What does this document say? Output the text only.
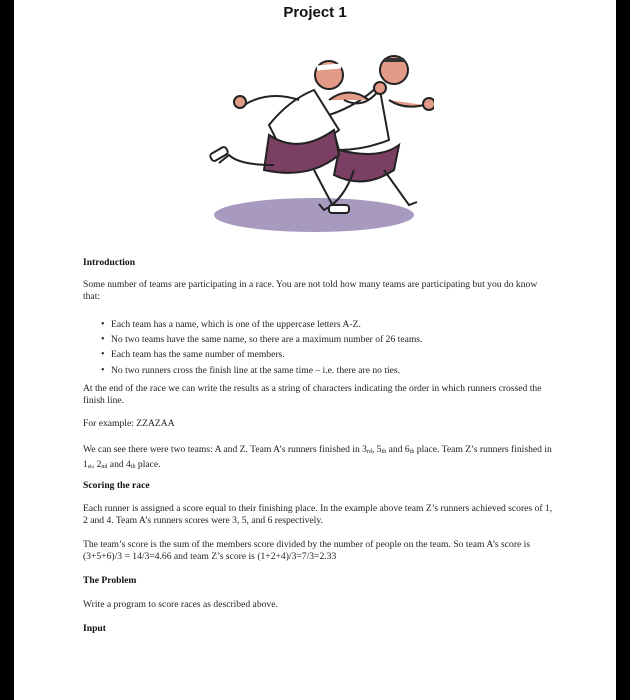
Project 1
Introduction

Some number of teams are participating in a race. You are not told how many teams are participating but you do know that:

• Each team has a name, which is one of the uppercase letters A-Z.
• No two teams have the same name, so there are a maximum number of 26 teams.
• Each team has the same number of members.
• No two runners cross the finish line at the same time – i.e. there are no ties.

At the end of the race we can write the results as a string of characters indicating the order in which runners crossed the finish line.

For example: ZZAZAA

We can see there were two teams: A and Z. Team A’s runners finished in $3_{rd}$, $5_{th}$ and $6_{th}$ place. Team Z’s runners finished in $1_{st}$, $2_{nd}$ and $4_{th}$ place.

Scoring the race

Each runner is assigned a score equal to their finishing place. In the example above team Z’s runners achieved scores of 1, 2 and 4. Team A’s runners scores were 3, 5, and 6 respectively.

The team’s score is the sum of the members score divided by the number of people on the team. So team A’s score is (3+5+6)/3 = 14/3=4.66 and team Z’s score is (1+2+4)/3=7/3=2.33

The Problem

Write a program to score races as described above.

Input
